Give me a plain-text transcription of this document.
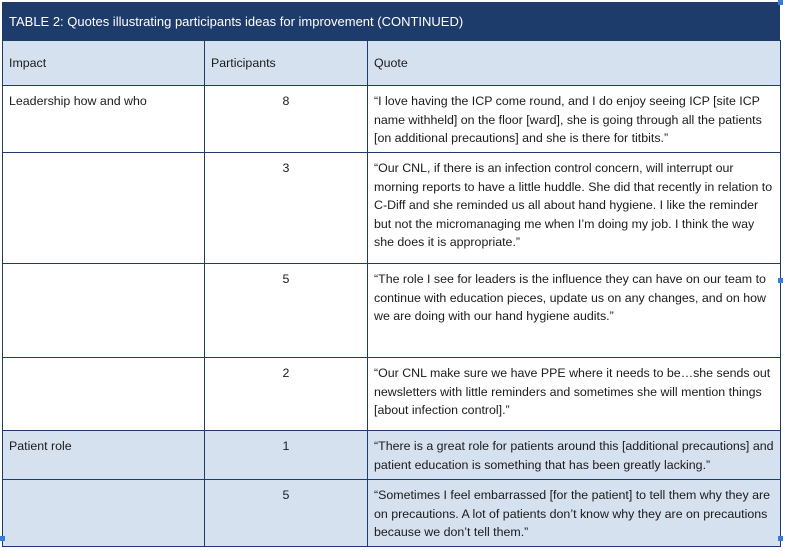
TABLE 2: Quotes illustrating participants ideas for improvement (CONTINUED)
Impact	Participants	Quote
Leadership how and who	8	“I love having the ICP come round, and I do enjoy seeing ICP [site ICP name withheld] on the floor [ward], she is going through all the patients [on additional precautions] and she is there for titbits.”
	3	“Our CNL, if there is an infection control concern, will interrupt our morning reports to have a little huddle. She did that recently in relation to C-Diff and she reminded us all about hand hygiene. I like the reminder but not the micromanaging me when I’m doing my job. I think the way she does it is appropriate.”
	5	“The role I see for leaders is the influence they can have on our team to continue with education pieces, update us on any changes, and on how we are doing with our hand hygiene audits.”
	2	“Our CNL make sure we have PPE where it needs to be…she sends out newsletters with little reminders and sometimes she will mention things [about infection control].”
Patient role	1	“There is a great role for patients around this [additional precautions] and patient education is something that has been greatly lacking.”
	5	“Sometimes I feel embarrassed [for the patient] to tell them why they are on precautions. A lot of patients don’t know why they are on precautions because we don’t tell them.”
